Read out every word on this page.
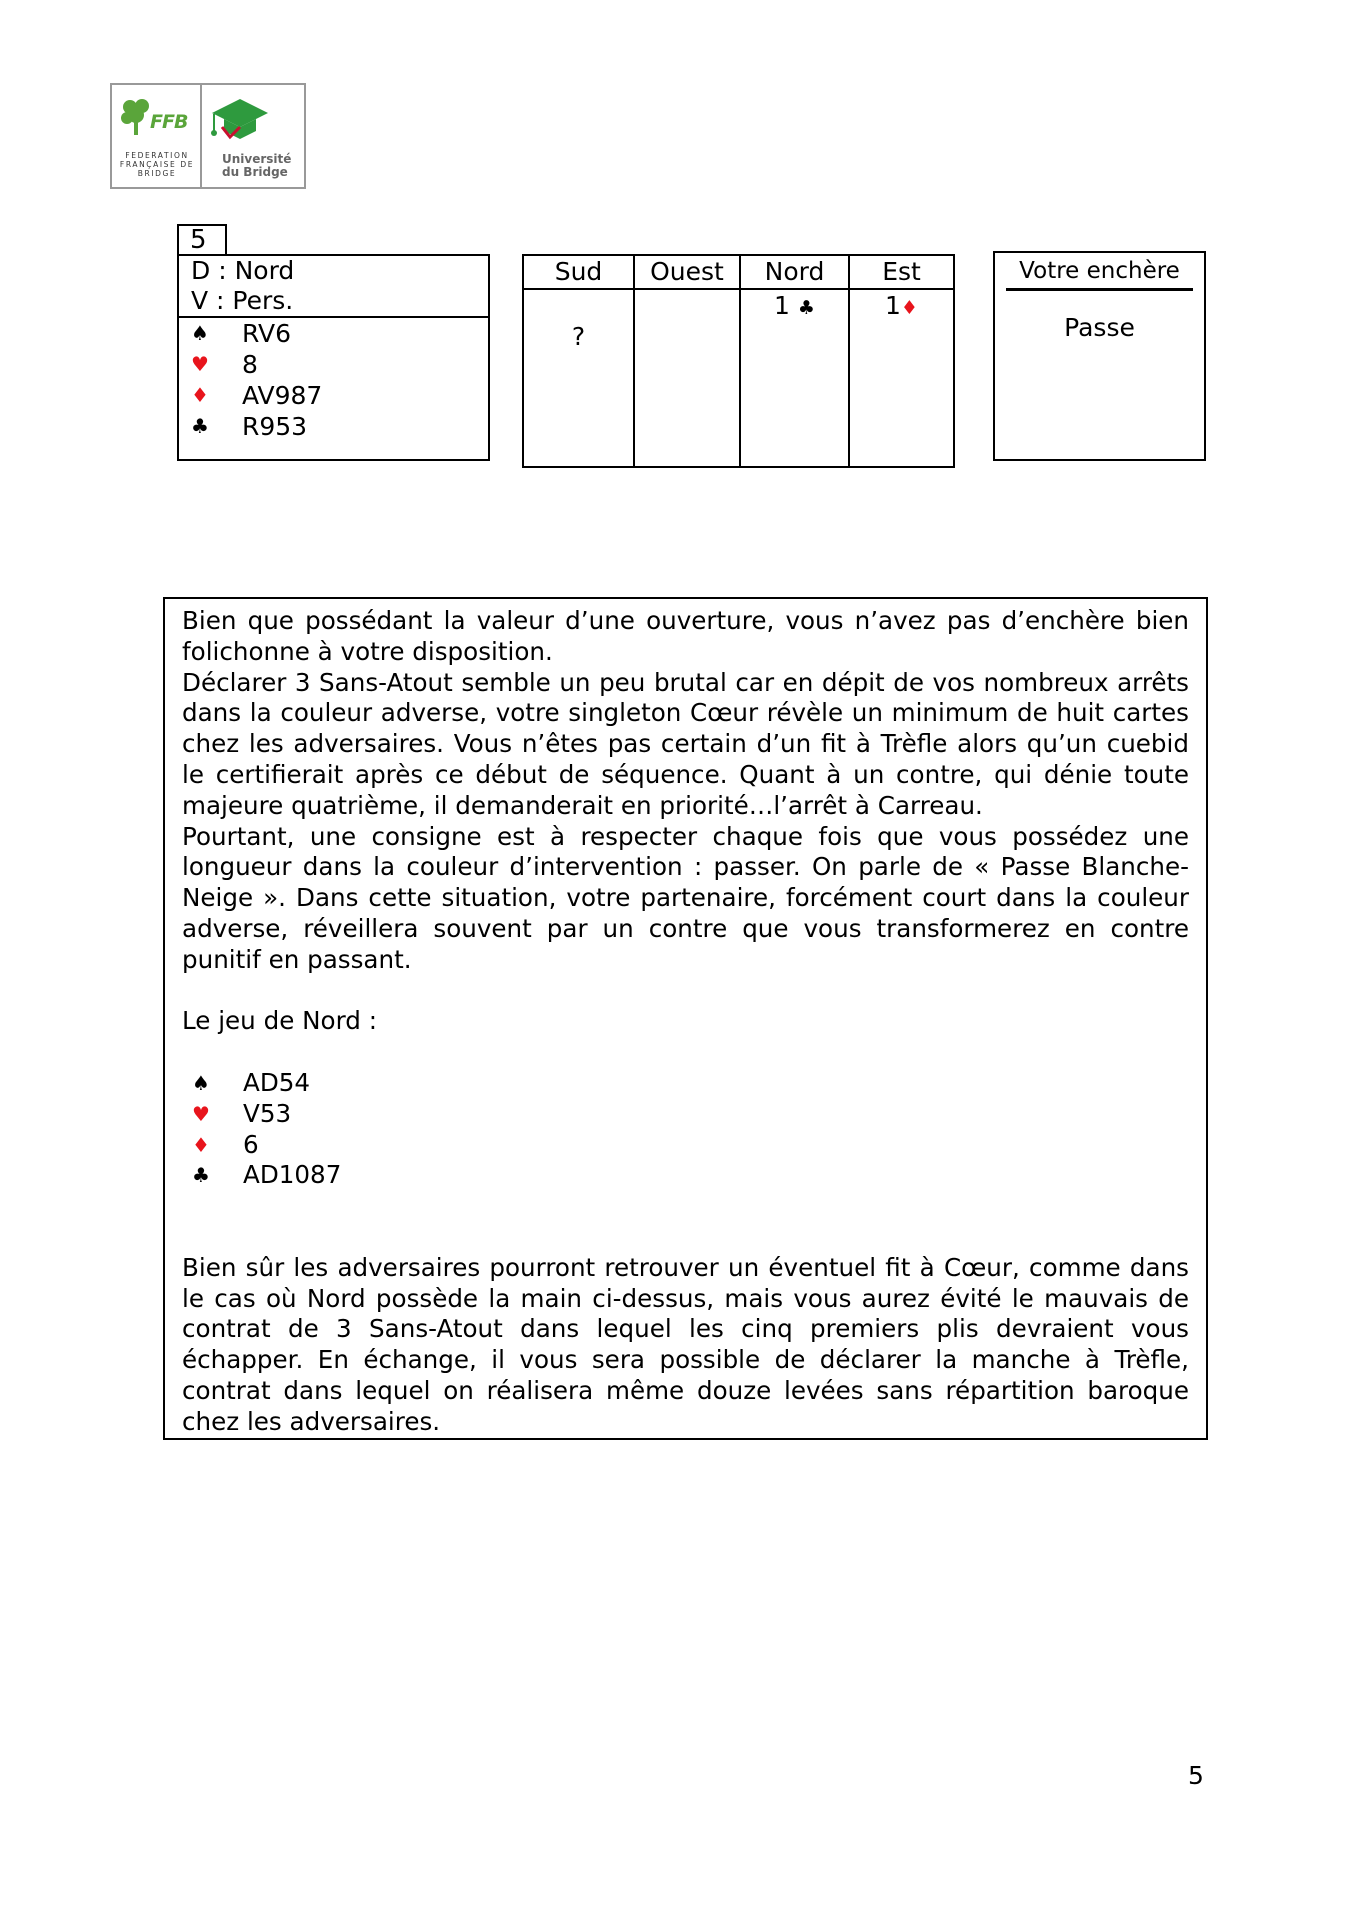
FFB
FEDERATION FRANÇAISE DE BRIDGE
Université
du Bridge
5
D : Nord
V : Pers.
♠ RV6
♥ 8
♦ AV987
♣ R953
Sud	Ouest	Nord	Est

?		1 ♣	1♦
Votre enchère
Passe

Bien que possédant la valeur d’une ouverture, vous n’avez pas d’enchère bien folichonne à votre disposition.

Déclarer 3 Sans-Atout semble un peu brutal car en dépit de vos nombreux arrêts dans la couleur adverse, votre singleton Cœur révèle un minimum de huit cartes chez les adversaires. Vous n’êtes pas certain d’un fit à Trèfle alors qu’un cuebid le certifierait après ce début de séquence. Quant à un contre, qui dénie toute majeure quatrième, il demanderait en priorité…l’arrêt à Carreau.

Pourtant, une consigne est à respecter chaque fois que vous possédez une longueur dans la couleur d’intervention : passer. On parle de « Passe Blanche-Neige ». Dans cette situation, votre partenaire, forcément court dans la couleur adverse, réveillera souvent par un contre que vous transformerez en contre punitif en passant.

Le jeu de Nord :

♠ AD54
♥ V53
♦ 6
♣ AD1087

Bien sûr les adversaires pourront retrouver un éventuel fit à Cœur, comme dans le cas où Nord possède la main ci-dessus, mais vous aurez évité le mauvais de contrat de 3 Sans-Atout dans lequel les cinq premiers plis devraient vous échapper. En échange, il vous sera possible de déclarer la manche à Trèfle, contrat dans lequel on réalisera même douze levées sans répartition baroque chez les adversaires.

5
